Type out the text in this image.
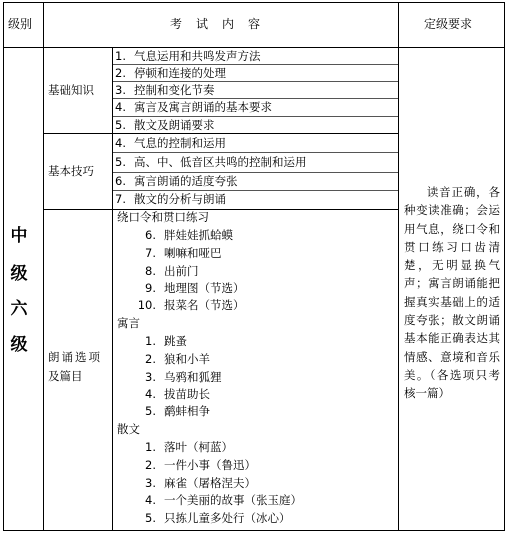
级别	考　试　内　容	定级要求
中
级
六
级
基础知识
基本技巧
朗诵选项
及篇目
1. 气息运用和共鸣发声方法
2. 停顿和连接的处理
3. 控制和变化节奏
4. 寓言及寓言朗诵的基本要求
5. 散文及朗诵要求
4. 气息的控制和运用
5. 高、中、低音区共鸣的控制和运用
6. 寓言朗诵的适度夸张
7. 散文的分析与朗诵
绕口令和贯口练习
6. 胖娃娃抓蛤蟆
7. 喇嘛和哑巴
8. 出前门
9. 地理图（节选）
10. 报菜名（节选）
寓言
1. 跳蚤
2. 狼和小羊
3. 乌鸦和狐狸
4. 拔苗助长
5. 鹬蚌相争
散文
1. 落叶（柯蓝）
2. 一件小事（鲁迅）
3. 麻雀（屠格涅夫）
4. 一个美丽的故事（张玉庭）
5. 只拣儿童多处行（冰心）
读音正确，各种变读准确；会运用气息，绕口令和贯口练习口齿清楚，无明显换气声；寓言朗诵能把握真实基础上的适度夸张；散文朗诵基本能正确表达其情感、意境和音乐美。（各选项只考核一篇）
